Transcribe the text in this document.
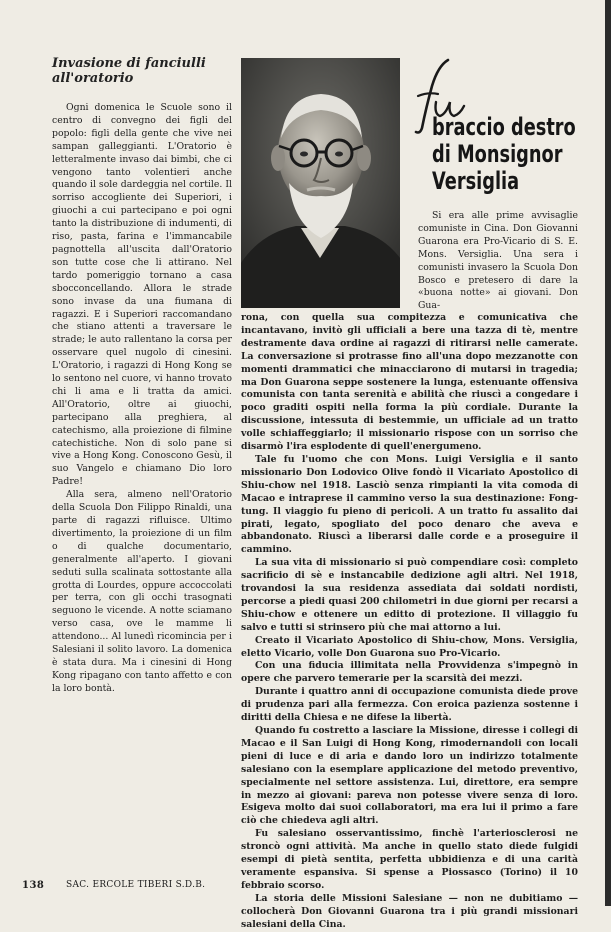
Invasione di fanciulli
all'oratorio

Ogni domenica le Scuole sono il centro di convegno dei figli del popolo: figli della gente che vive nei sampan galleggianti. L'Oratorio è letteralmente invaso dai bimbi, che ci vengono tanto volentieri anche quando il sole dardeggia nel cortile. Il sorriso accogliente dei Superiori, i giuochi a cui partecipano e poi ogni tanto la distribuzione di indumenti, di riso, pasta, farina e l'immancabile pagnottella all'uscita dall'Oratorio son tutte cose che li attirano. Nel tardo pomeriggio tornano a casa sbocconcellando. Allora le strade sono invase da una fiumana di ragazzi. E i Superiori raccomandano che stiano attenti a traversare le strade; le auto rallentano la corsa per osservare quel nugolo di cinesini. L'Oratorio, i ragazzi di Hong Kong se lo sentono nel cuore, vi hanno trovato chi li ama e li tratta da amici. All'Oratorio, oltre ai giuochi, partecipano alla preghiera, al catechismo, alla proiezione di filmine catechistiche. Non di solo pane si vive a Hong Kong. Conoscono Gesù, il suo Vangelo e chiamano Dio loro Padre!

Alla sera, almeno nell'Oratorio della Scuola Don Filippo Rinaldi, una parte di ragazzi rifluisce. Ultimo divertimento, la proiezione di un film o di qualche documentario, generalmente all'aperto. I giovani seduti sulla scalinata sottostante alla grotta di Lourdes, oppure accoccolati per terra, con gli occhi trasognati seguono le vicende. A notte sciamano verso casa, ove le mamme li attendono... Al lunedì ricomincia per i Salesiani il solito lavoro. La domenica è stata dura. Ma i cinesini di Hong Kong ripagano con tanto affetto e con la loro bontà.

braccio destro
di Monsignor
Versiglia

Si era alle prime avvisaglie comuniste in Cina. Don Giovanni Guarona era Pro-Vicario di S. E. Mons. Versiglia. Una sera i comunisti invasero la Scuola Don Bosco e pretesero di dare la «buona notte» ai giovani. Don Gua-

rona, con quella sua compitezza e comunicativa che incantavano, invitò gli ufficiali a bere una tazza di tè, mentre destramente dava ordine ai ragazzi di ritirarsi nelle camerate. La conversazione si protrasse fino all'una dopo mezzanotte con momenti drammatici che minacciarono di mutarsi in tragedia; ma Don Guarona seppe sostenere la lunga, estenuante offensiva comunista con tanta serenità e abilità che riuscì a congedare i poco graditi ospiti nella forma la più cordiale. Durante la discussione, intessuta di bestemmie, un ufficiale ad un tratto volle schiaffeggiarlo; il missionario rispose con un sorriso che disarmò l'ira esplodente di quell'energumeno.

Tale fu l'uomo che con Mons. Luigi Versiglia e il santo missionario Don Lodovico Olive fondò il Vicariato Apostolico di Shiu-chow nel 1918. Lasciò senza rimpianti la vita comoda di Macao e intraprese il cammino verso la sua destinazione: Fong-tung. Il viaggio fu pieno di pericoli. A un tratto fu assalito dai pirati, legato, spogliato del poco denaro che aveva e abbandonato. Riuscì a liberarsi dalle corde e a proseguire il cammino.

La sua vita di missionario si può compendiare così: completo sacrificio di sè e instancabile dedizione agli altri. Nel 1918, trovandosi la sua residenza assediata dai soldati nordisti, percorse a piedi quasi 200 chilometri in due giorni per recarsi a Shiu-chow e ottenere un editto di protezione. Il villaggio fu salvo e tutti si strinsero più che mai attorno a lui.

Creato il Vicariato Apostolico di Shiu-chow, Mons. Versiglia, eletto Vicario, volle Don Guarona suo Pro-Vicario.

Con una fiducia illimitata nella Provvidenza s'impegnò in opere che parvero temerarie per la scarsità dei mezzi.

Durante i quattro anni di occupazione comunista diede prove di prudenza pari alla fermezza. Con eroica pazienza sostenne i diritti della Chiesa e ne difese la libertà.

Quando fu costretto a lasciare la Missione, diresse i collegi di Macao e il San Luigi di Hong Kong, rimodernandoli con locali pieni di luce e di aria e dando loro un indirizzo totalmente salesiano con la esemplare applicazione del metodo preventivo, specialmente nel settore assistenza. Lui, direttore, era sempre in mezzo ai giovani: pareva non potesse vivere senza di loro. Esigeva molto dai suoi collaboratori, ma era lui il primo a fare ciò che chiedeva agli altri.

Fu salesiano osservantissimo, finchè l'arteriosclerosi ne stroncò ogni attività. Ma anche in quello stato diede fulgidi esempi di pietà sentita, perfetta ubbidienza e di una carità veramente espansiva. Si spense a Piossasco (Torino) il 10 febbraio scorso.

La storia delle Missioni Salesiane — non ne dubitiamo — collocherà Don Giovanni Guarona tra i più grandi missionari salesiani della Cina.

138 SAC. ERCOLE TIBERI S.D.B.
